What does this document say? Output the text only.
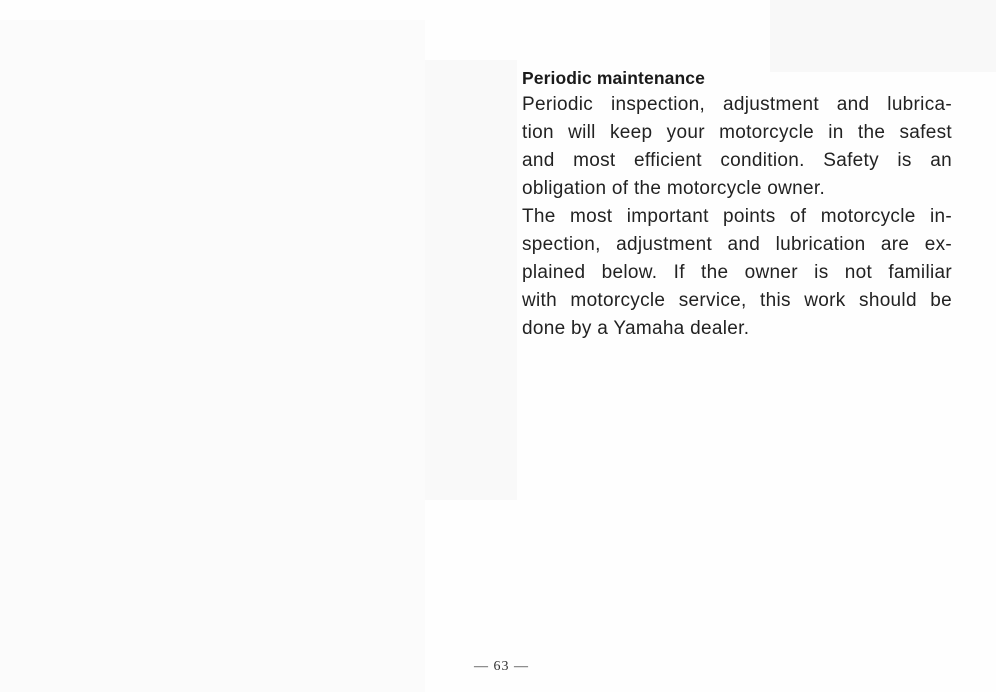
Periodic maintenance
Periodic inspection, adjustment and lubrica-
tion will keep your motorcycle in the safest
and most efficient condition. Safety is an
obligation of the motorcycle owner.
The most important points of motorcycle in-
spection, adjustment and lubrication are ex-
plained below. If the owner is not familiar
with motorcycle service, this work should be
done by a Yamaha dealer.
— 63 —
